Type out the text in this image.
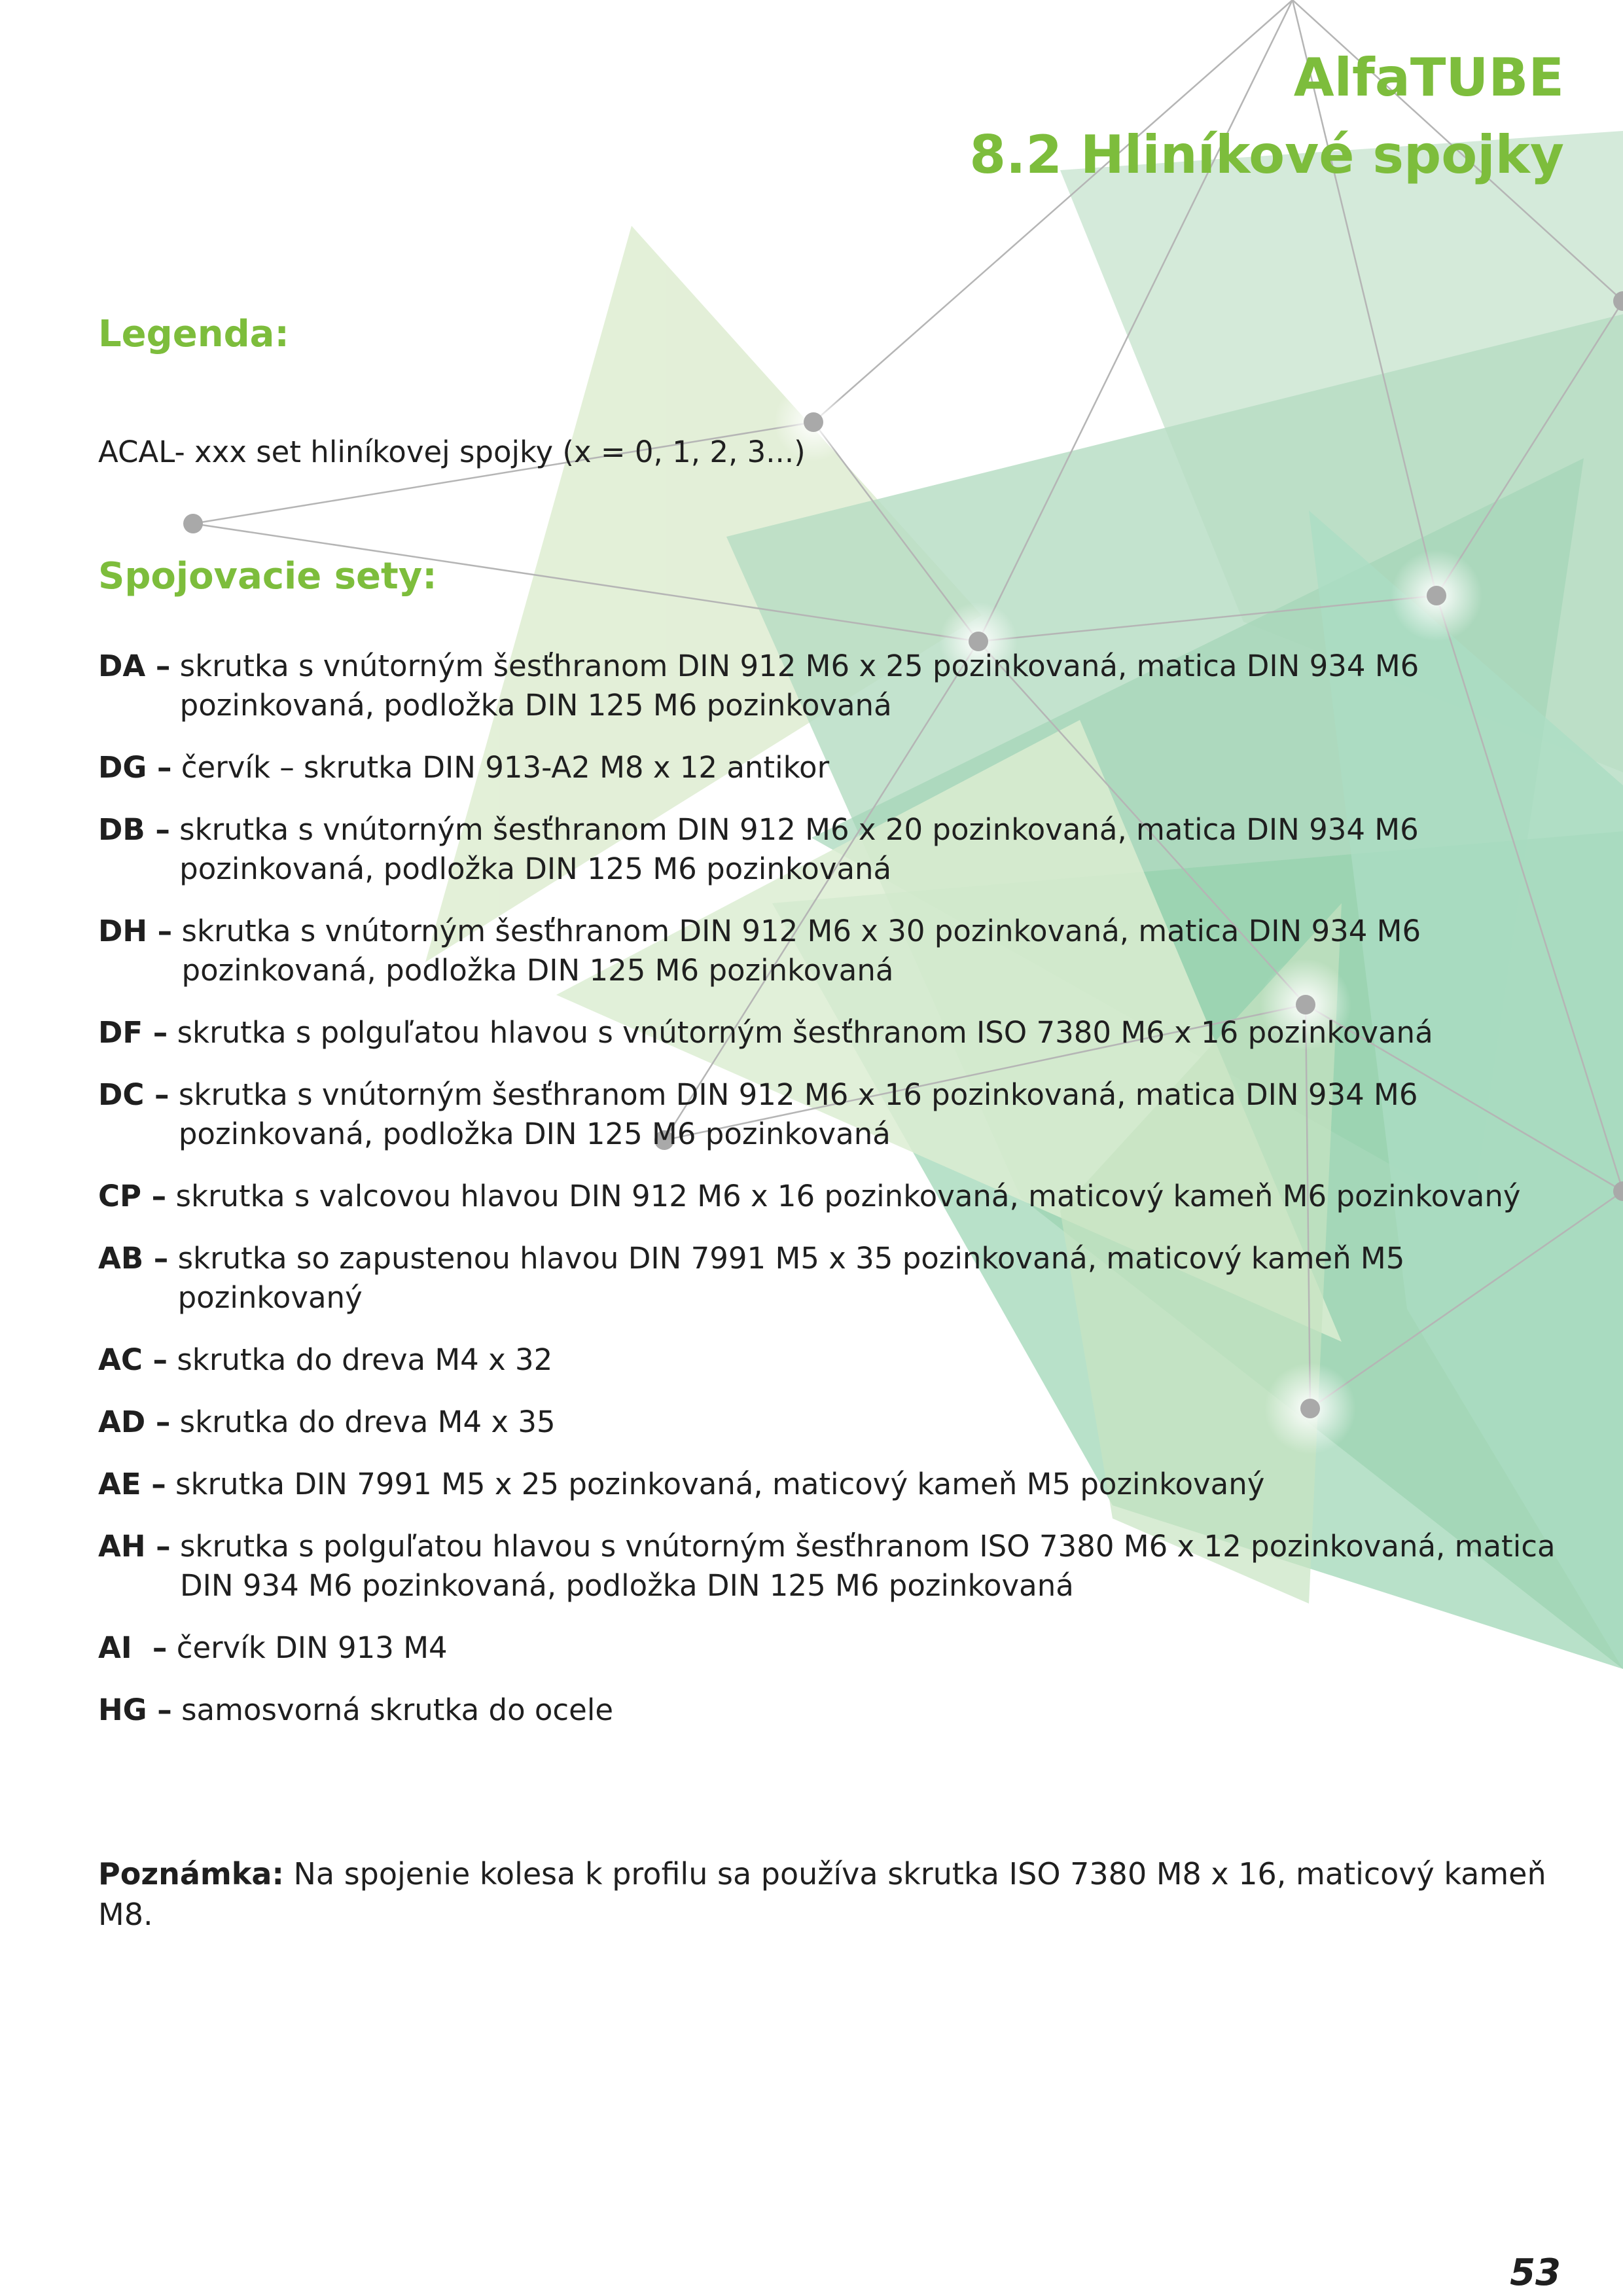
AlfaTUBE
8.2 Hliníkové spojky
Legenda:

ACAL- xxx set hliníkovej spojky (x = 0, 1, 2, 3...)

Spojovacie sety:
DA –
skrutka s vnútorným šesťhranom DIN 912 M6 x 25 pozinkovaná, matica DIN 934 M6 pozinkovaná, podložka DIN 125 M6 pozinkovaná
DG –
červík – skrutka DIN 913-A2 M8 x 12 antikor
DB –
skrutka s vnútorným šesťhranom DIN 912 M6 x 20 pozinkovaná, matica DIN 934 M6 pozinkovaná, podložka DIN 125 M6 pozinkovaná
DH –
skrutka s vnútorným šesťhranom DIN 912 M6 x 30 pozinkovaná, matica DIN 934 M6 pozinkovaná, podložka DIN 125 M6 pozinkovaná
DF –
skrutka s polguľatou hlavou s vnútorným šesťhranom ISO 7380 M6 x 16 pozinkovaná
DC –
skrutka s vnútorným šesťhranom DIN 912 M6 x 16 pozinkovaná, matica DIN 934 M6 pozinkovaná, podložka DIN 125 M6 pozinkovaná
CP –
skrutka s valcovou hlavou DIN 912 M6 x 16 pozinkovaná, maticový kameň M6 pozinkovaný
AB –
skrutka so zapustenou hlavou DIN 7991 M5 x 35 pozinkovaná, maticový kameň M5 pozinkovaný
AC –
skrutka do dreva M4 x 32
AD –
skrutka do dreva M4 x 35
AE –
skrutka DIN 7991 M5 x 25 pozinkovaná, maticový kameň M5 pozinkovaný
AH –
skrutka s polguľatou hlavou s vnútorným šesťhranom ISO 7380 M6 x 12 pozinkovaná, matica DIN 934 M6 pozinkovaná, podložka DIN 125 M6 pozinkovaná
AI  –
červík DIN 913 M4
HG –
samosvorná skrutka do ocele

Poznámka: Na spojenie kolesa k profilu sa používa skrutka ISO 7380 M8 x 16, maticový kameň M8.

53
